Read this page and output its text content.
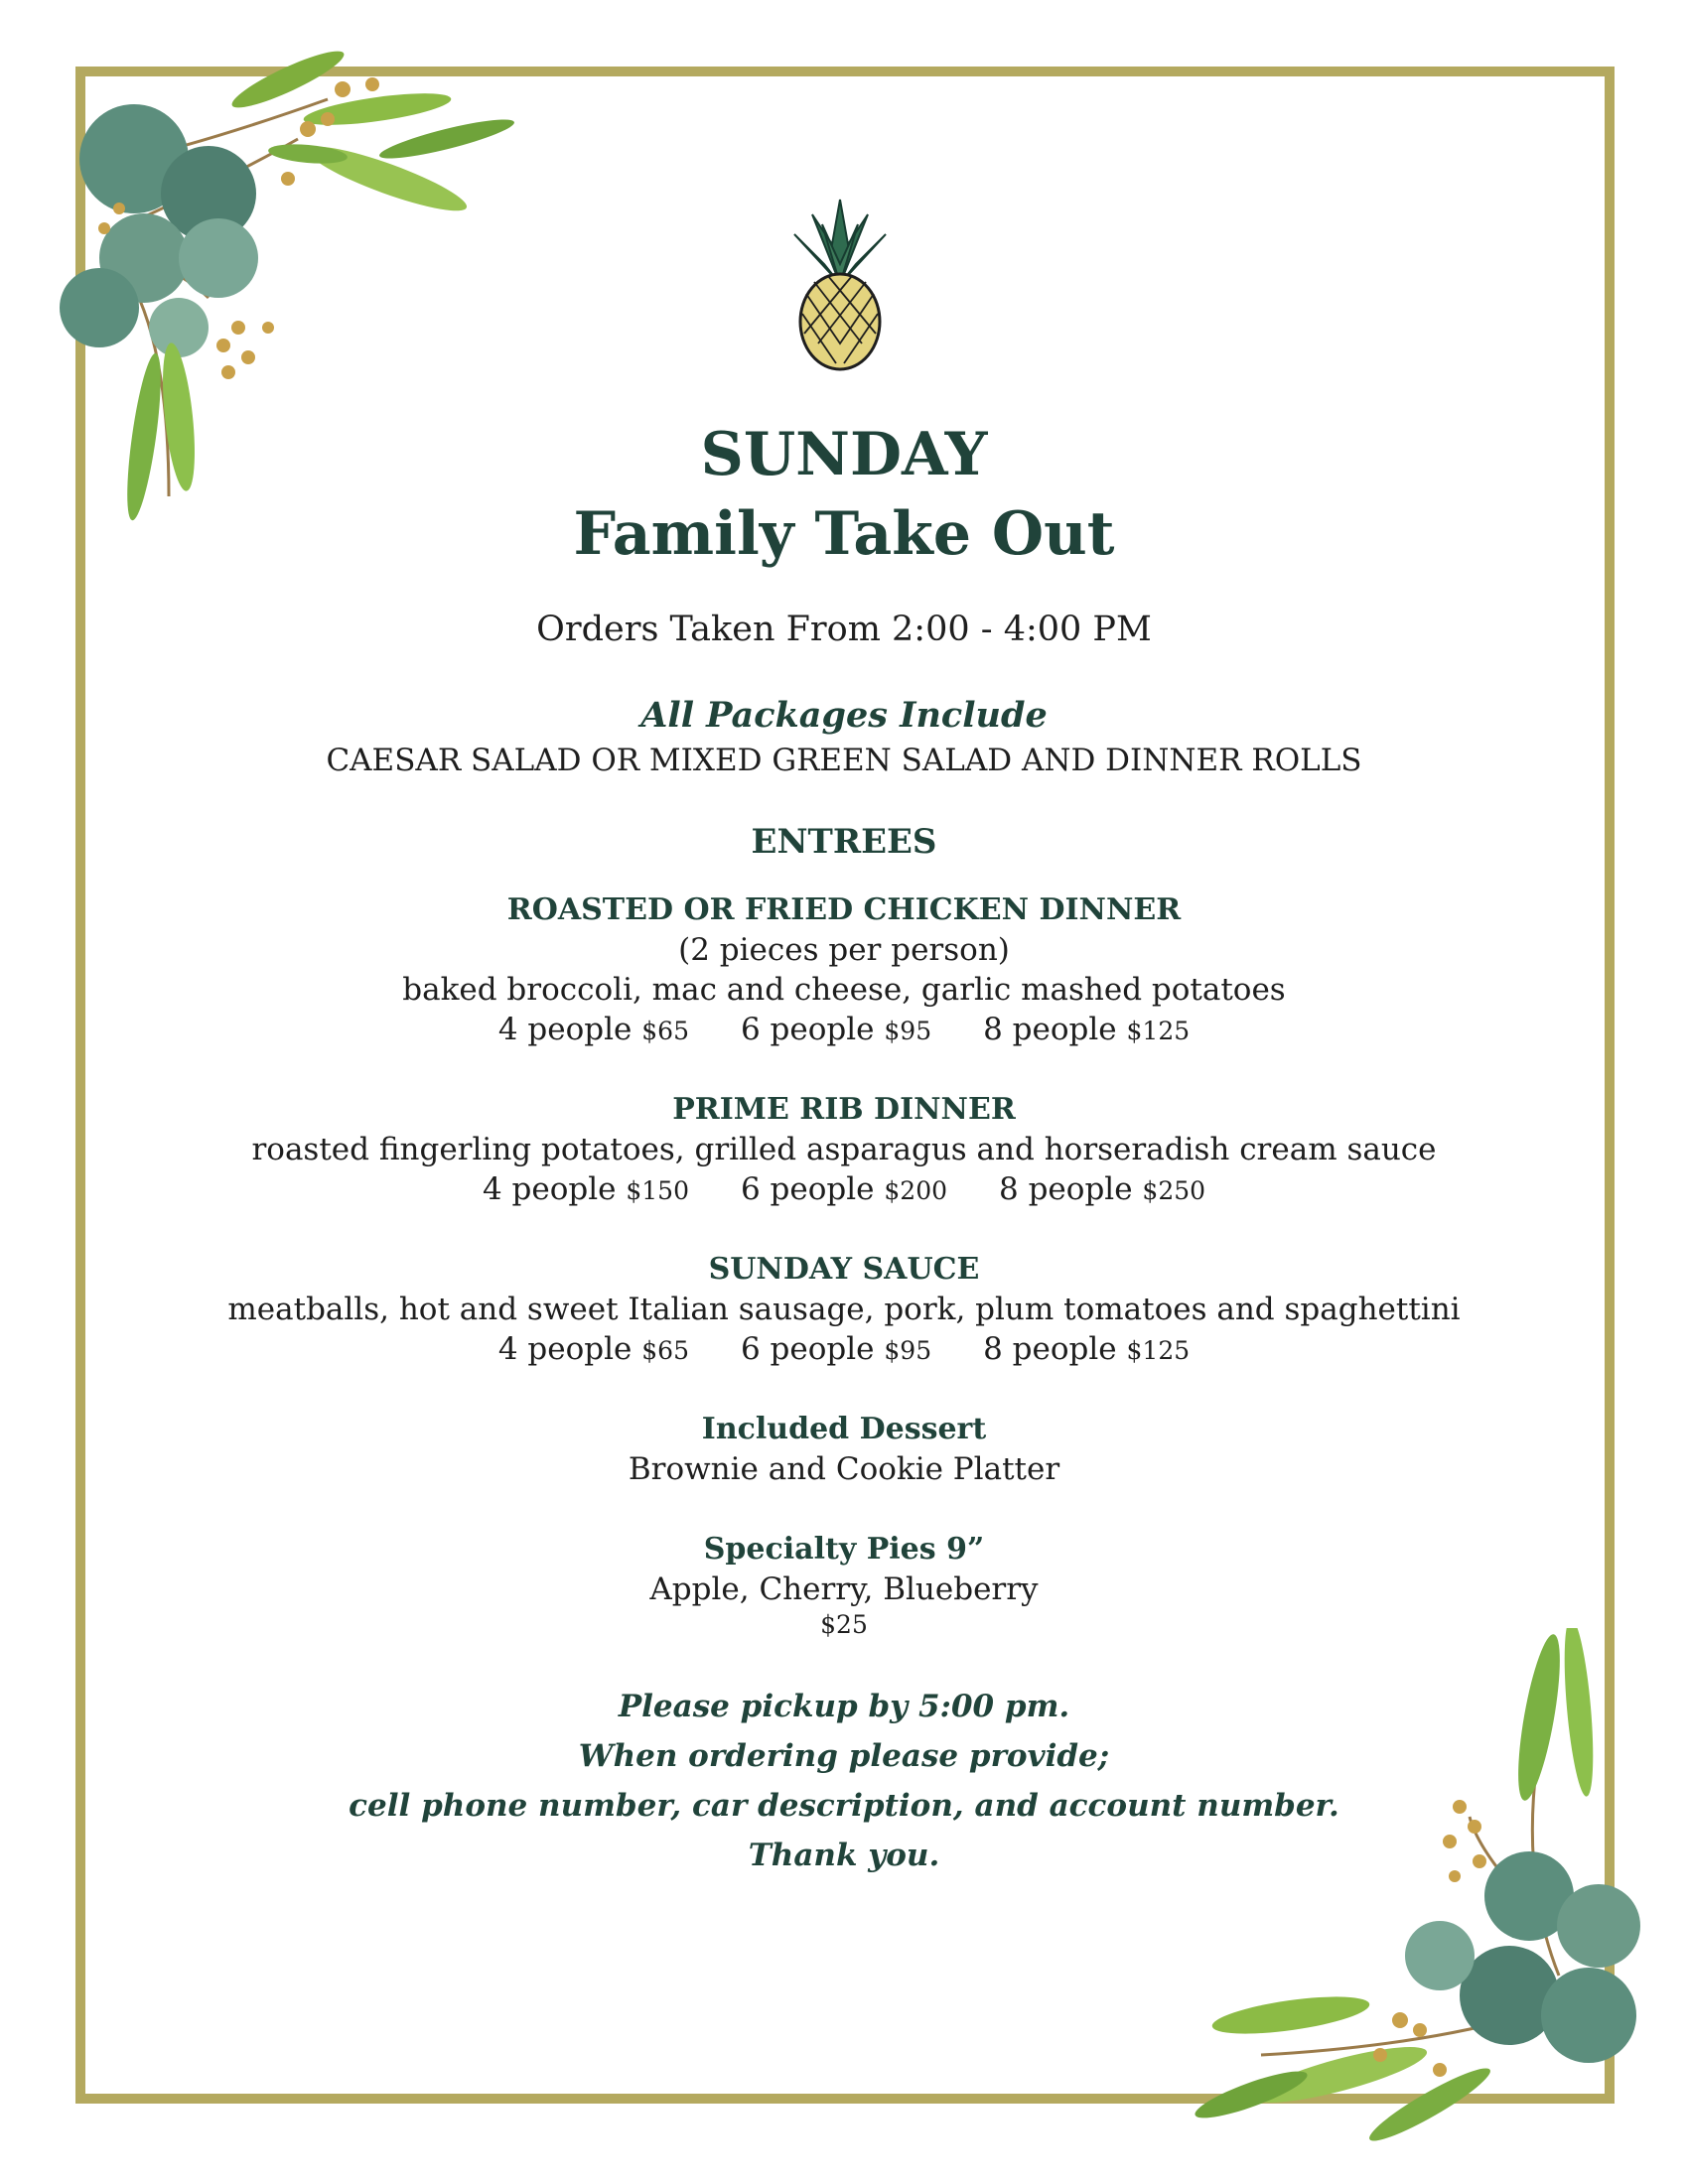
SUNDAY
Family Take Out
Orders Taken From 2:00 - 4:00 PM
All Packages Include
CAESAR SALAD OR MIXED GREEN SALAD AND DINNER ROLLS
ENTREES
ROASTED OR FRIED CHICKEN DINNER
(2 pieces per person)
baked broccoli, mac and cheese, garlic mashed potatoes
4 people $65 6 people $95 8 people $125
PRIME RIB DINNER
roasted fingerling potatoes, grilled asparagus and horseradish cream sauce
4 people $150 6 people $200 8 people $250
SUNDAY SAUCE
meatballs, hot and sweet Italian sausage, pork, plum tomatoes and spaghettini
4 people $65 6 people $95 8 people $125
Included Dessert
Brownie and Cookie Platter
Specialty Pies 9”
Apple, Cherry, Blueberry
$25
Please pickup by 5:00 pm.
When ordering please provide;
cell phone number, car description, and account number.
Thank you.
